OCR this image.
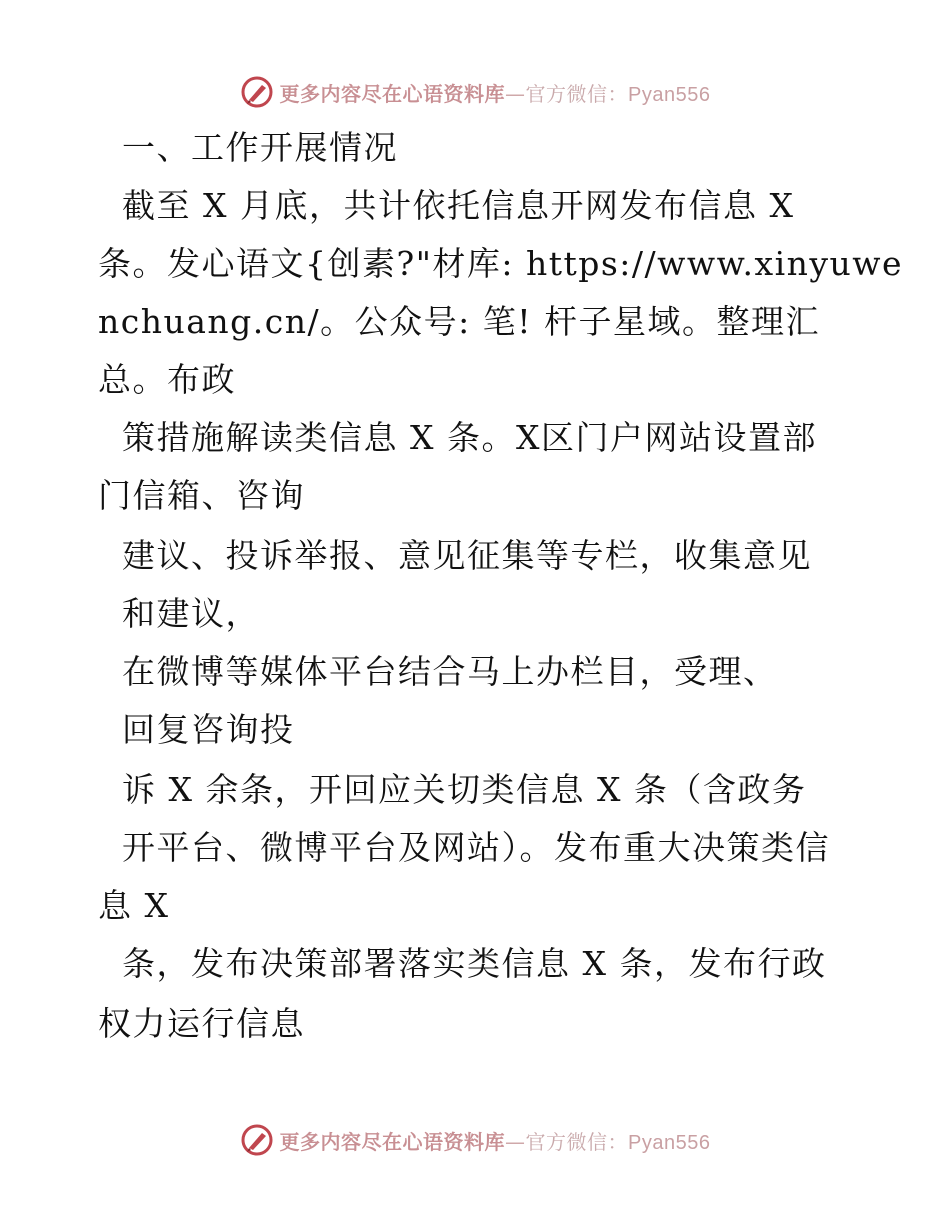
更多内容尽在心语资料库 — 官方微信： Pyan556
一、工作开展情况
截至 X 月底，共计依托信息开网发布信息 X
条。发心语文{创素?"材库: https://www.xinyuwe
nchuang.cn/。公众号: 笔! 杆子星域。整理汇
总。布政
策措施解读类信息 X 条。X区门户网站设置部
门信箱、咨询
建议、投诉举报、意见征集等专栏，收集意见
和建议，
在微博等媒体平台结合马上办栏目，受理、
回复咨询投
诉 X 余条，开回应关切类信息 X 条（含政务
开平台、微博平台及网站）。发布重大决策类信
息 X
条，发布决策部署落实类信息 X 条，发布行政
权力运行信息
更多内容尽在心语资料库 — 官方微信： Pyan556
